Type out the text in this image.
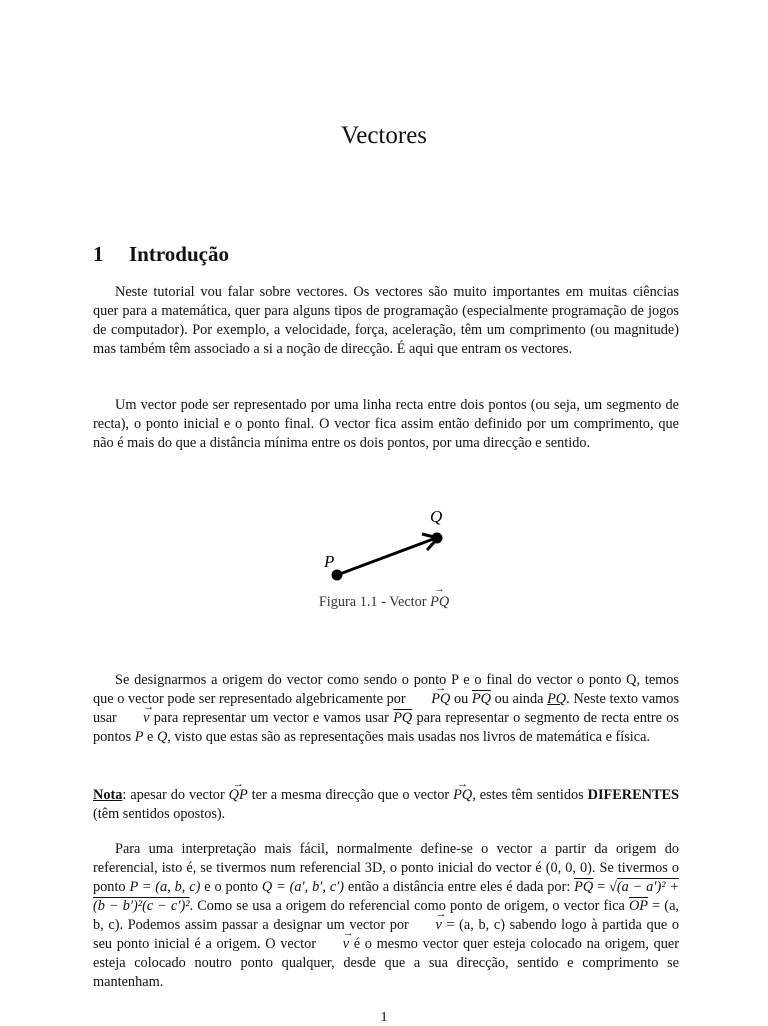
Vectores
1 Introdução
Neste tutorial vou falar sobre vectores. Os vectores são muito importantes em muitas ciências quer para a matemática, quer para alguns tipos de programação (especialmente programação de jogos de computador). Por exemplo, a velocidade, força, aceleração, têm um comprimento (ou magnitude) mas também têm associado a si a noção de direcção. É aqui que entram os vectores.
Um vector pode ser representado por uma linha recta entre dois pontos (ou seja, um segmento de recta), o ponto inicial e o ponto final. O vector fica assim então definido por um comprimento, que não é mais do que a distância mínima entre os dois pontos, por uma direcção e sentido.
P
Q
Figura 1.1 - Vector → PQ
Se designarmos a origem do vector como sendo o ponto P e o final do vector o ponto Q, temos que o vector pode ser representado algebricamente por → PQ ou $\overline{PQ}$ ou ainda PQ. Neste texto vamos usar → v para representar um vector e vamos usar $\overline{PQ}$ para representar o segmento de recta entre os pontos P e Q, visto que estas são as representações mais usadas nos livros de matemática e física.
Nota: apesar do vector → QP ter a mesma direcção que o vector → PQ, estes têm sentidos DIFERENTES (têm sentidos opostos).
Para uma interpretação mais fácil, normalmente define-se o vector a partir da origem do referencial, isto é, se tivermos num referencial 3D, o ponto inicial do vector é (0, 0, 0). Se tivermos o ponto P = (a, b, c) e o ponto Q = (a′, b′, c′) então a distância entre eles é dada por: $\overline{PQ} = √(a - a')^2 + (b - b')^2(c - c')^2$. Como se usa a origem do referencial como ponto de origem, o vector fica $\overline{OP} = (a$, b, c). Podemos assim passar a designar um vector por → v = (a, b, c) sabendo logo à partida que o seu ponto inicial é a origem. O vector → v é o mesmo vector quer esteja colocado na origem, quer esteja colocado noutro ponto qualquer, desde que a sua direcção, sentido e comprimento se mantenham.
1
